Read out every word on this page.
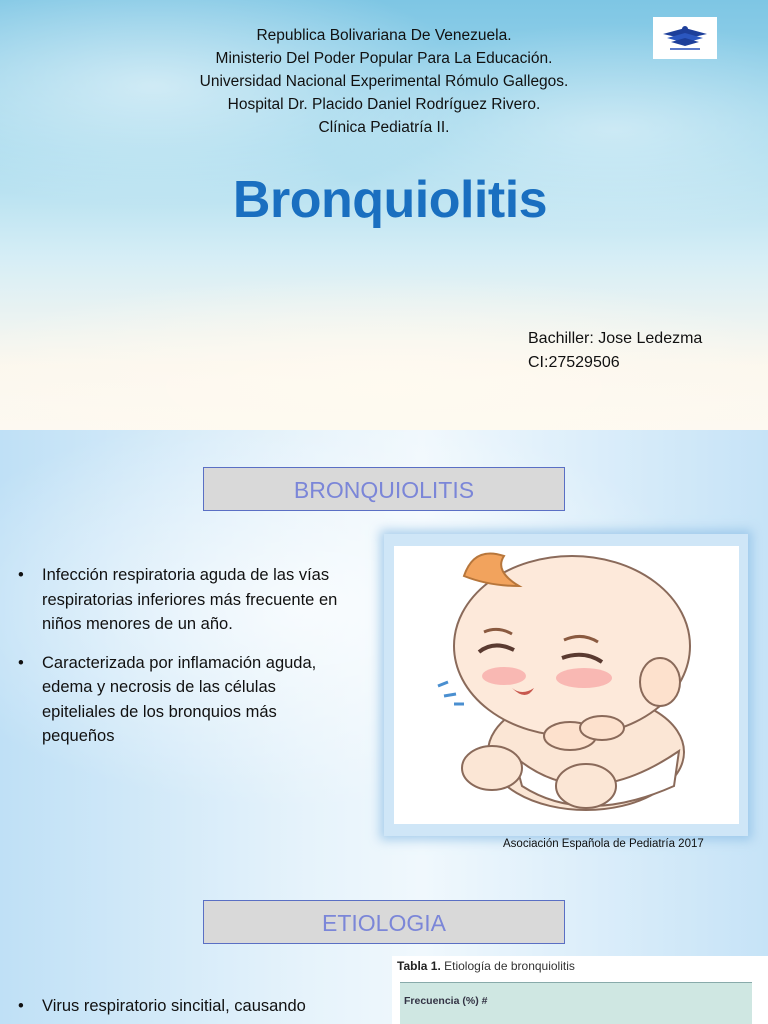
Republica Bolivariana De Venezuela.
Ministerio Del Poder Popular Para La Educación.
Universidad Nacional Experimental Rómulo Gallegos.
Hospital Dr. Placido Daniel Rodríguez Rivero.
Clínica Pediatría II.
Bronquiolitis
Bachiller: Jose Ledezma
CI:27529506
BRONQUIOLITIS
• Infección respiratoria aguda de las vías respiratorias inferiores más frecuente en niños menores de un año.
• Caracterizada por inflamación aguda, edema y necrosis de las células epiteliales de los bronquios más pequeños
Asociación Española de Pediatría 2017
ETIOLOGIA
• Virus respiratorio sincitial, causando
Tabla 1. Etiología de bronquiolitis
Frecuencia (%) #
